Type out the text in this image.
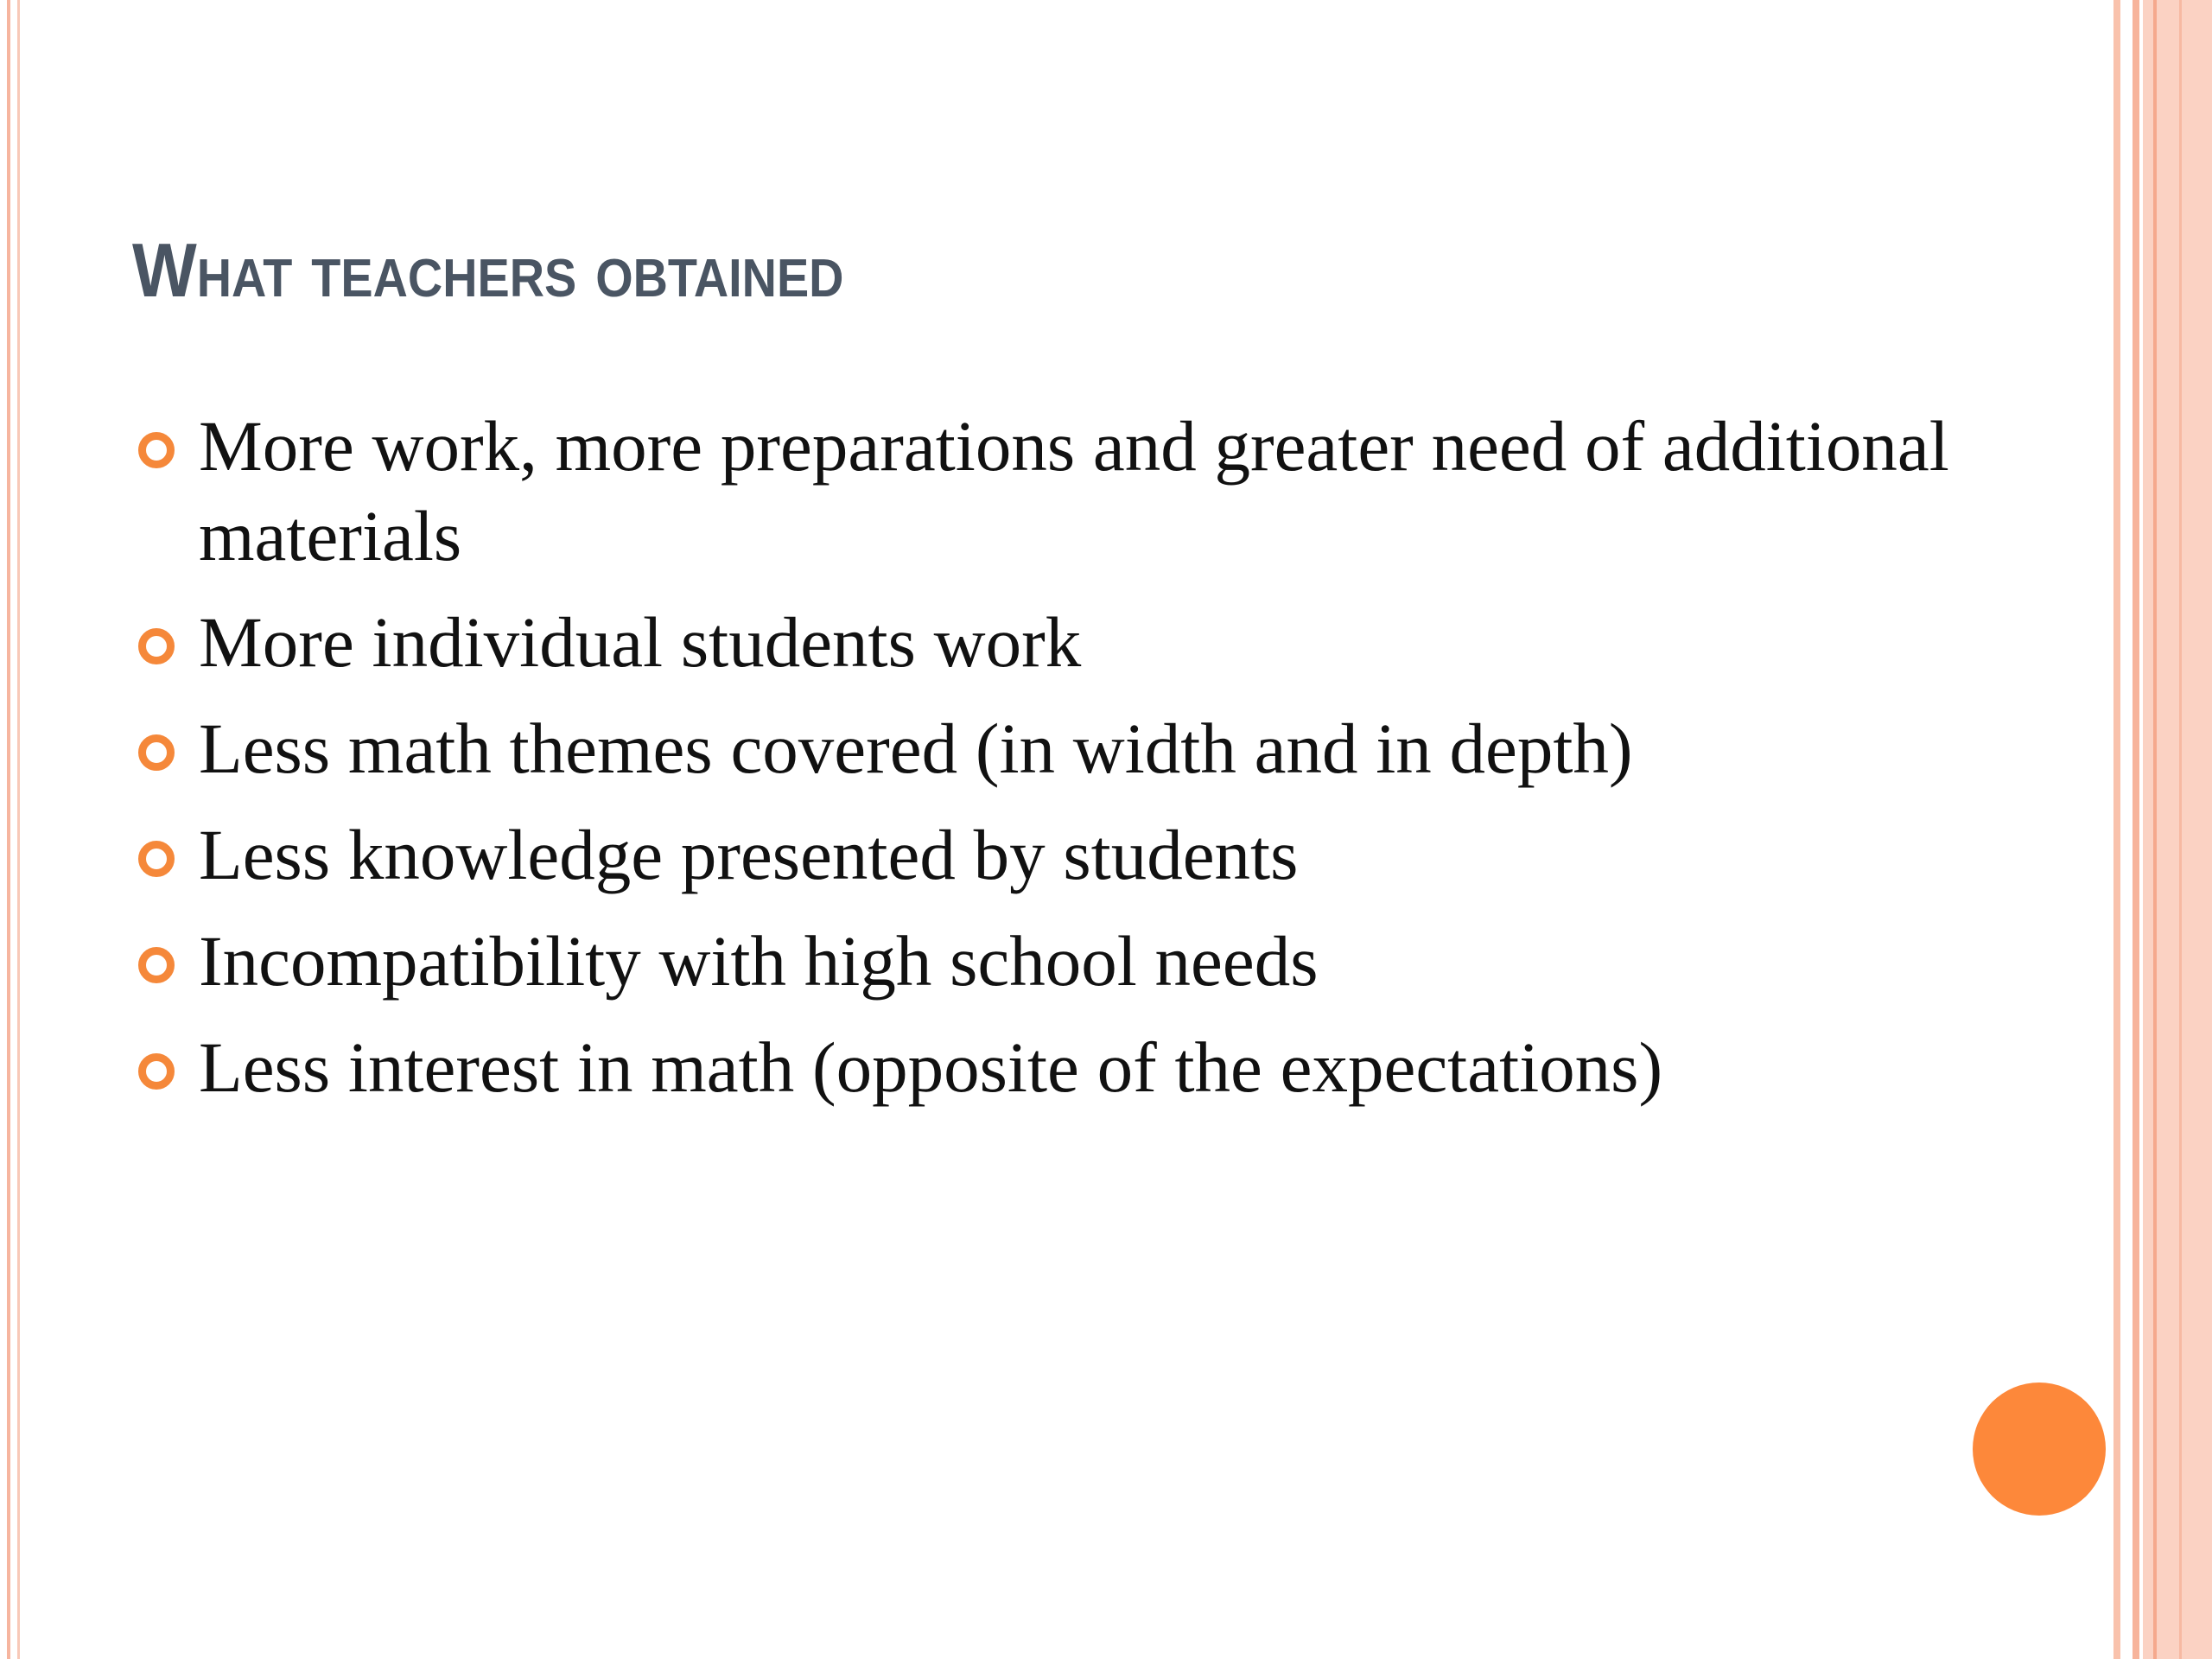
What teachers obtained
More work, more preparations and greater need of additional materials
More individual students work
Less math themes covered (in width and in depth)
Less knowledge presented by students
Incompatibility with high school needs
Less interest in math (opposite of the expectations)
